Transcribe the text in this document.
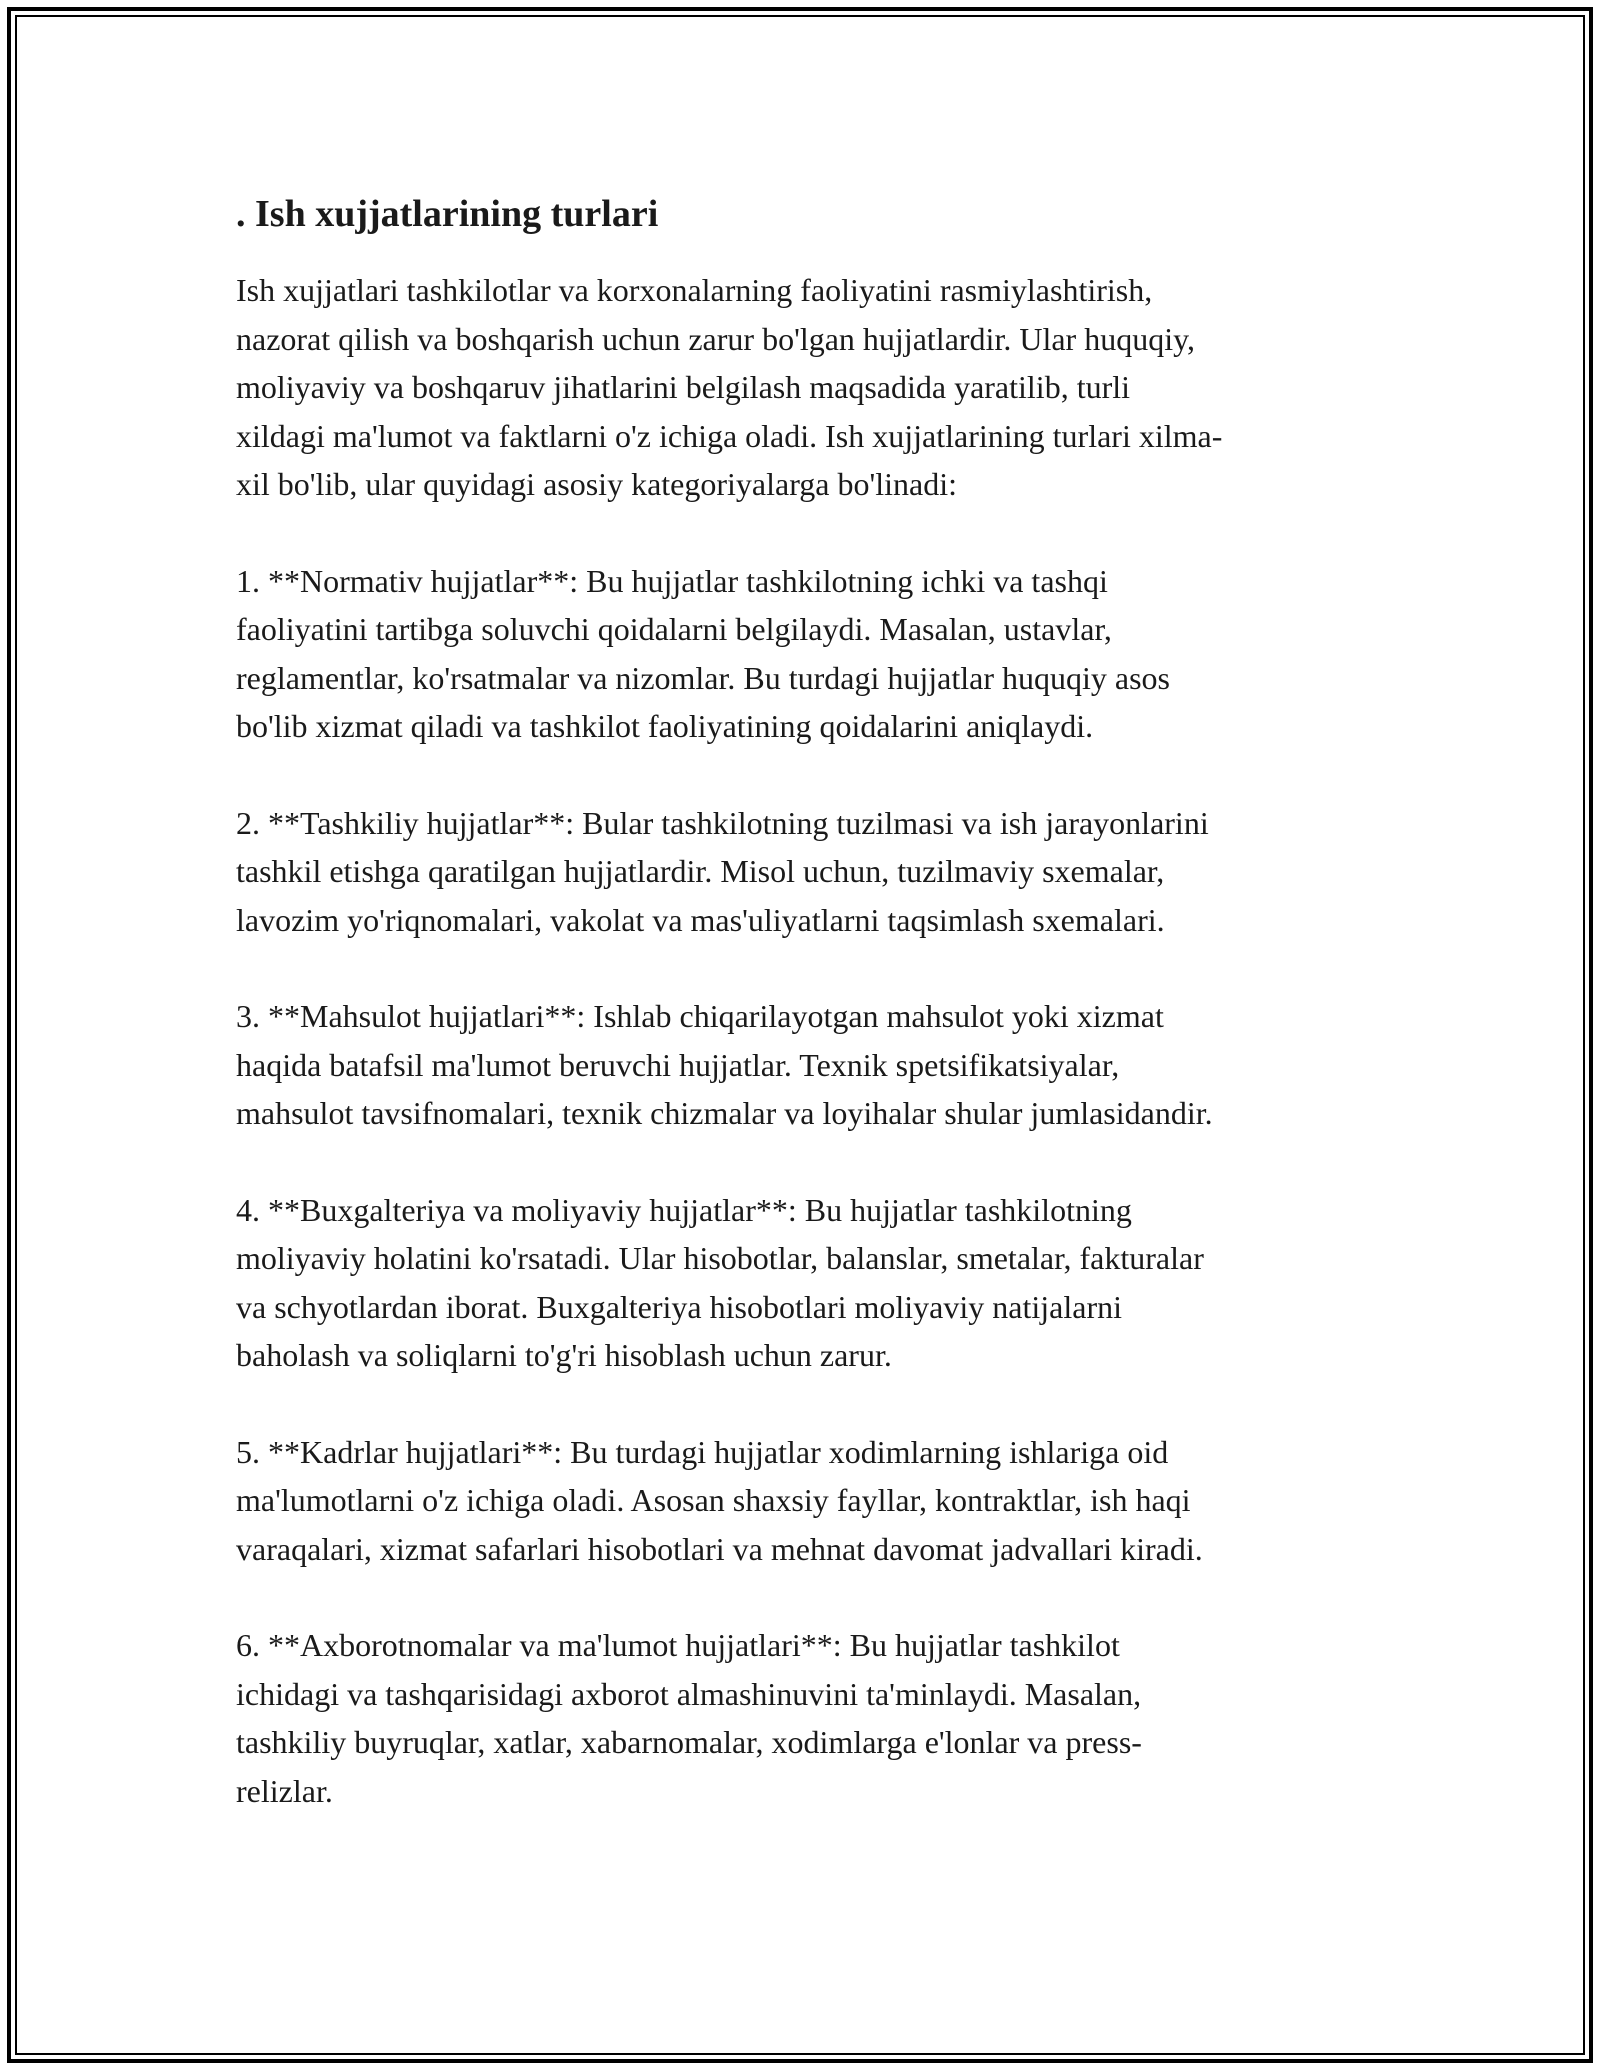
. Ish xujjatlarining turlari

Ish xujjatlari tashkilotlar va korxonalarning faoliyatini rasmiylashtirish,
nazorat qilish va boshqarish uchun zarur bo'lgan hujjatlardir. Ular huquqiy,
moliyaviy va boshqaruv jihatlarini belgilash maqsadida yaratilib, turli
xildagi ma'lumot va faktlarni o'z ichiga oladi. Ish xujjatlarining turlari xilma-
xil bo'lib, ular quyidagi asosiy kategoriyalarga bo'linadi:

1. **Normativ hujjatlar**: Bu hujjatlar tashkilotning ichki va tashqi
faoliyatini tartibga soluvchi qoidalarni belgilaydi. Masalan, ustavlar,
reglamentlar, ko'rsatmalar va nizomlar. Bu turdagi hujjatlar huquqiy asos
bo'lib xizmat qiladi va tashkilot faoliyatining qoidalarini aniqlaydi.

2. **Tashkiliy hujjatlar**: Bular tashkilotning tuzilmasi va ish jarayonlarini
tashkil etishga qaratilgan hujjatlardir. Misol uchun, tuzilmaviy sxemalar,
lavozim yo'riqnomalari, vakolat va mas'uliyatlarni taqsimlash sxemalari.

3. **Mahsulot hujjatlari**: Ishlab chiqarilayotgan mahsulot yoki xizmat
haqida batafsil ma'lumot beruvchi hujjatlar. Texnik spetsifikatsiyalar,
mahsulot tavsifnomalari, texnik chizmalar va loyihalar shular jumlasidandir.

4. **Buxgalteriya va moliyaviy hujjatlar**: Bu hujjatlar tashkilotning
moliyaviy holatini ko'rsatadi. Ular hisobotlar, balanslar, smetalar, fakturalar
va schyotlardan iborat. Buxgalteriya hisobotlari moliyaviy natijalarni
baholash va soliqlarni to'g'ri hisoblash uchun zarur.

5. **Kadrlar hujjatlari**: Bu turdagi hujjatlar xodimlarning ishlariga oid
ma'lumotlarni o'z ichiga oladi. Asosan shaxsiy fayllar, kontraktlar, ish haqi
varaqalari, xizmat safarlari hisobotlari va mehnat davomat jadvallari kiradi.

6. **Axborotnomalar va ma'lumot hujjatlari**: Bu hujjatlar tashkilot
ichidagi va tashqarisidagi axborot almashinuvini ta'minlaydi. Masalan,
tashkiliy buyruqlar, xatlar, xabarnomalar, xodimlarga e'lonlar va press-
relizlar.
